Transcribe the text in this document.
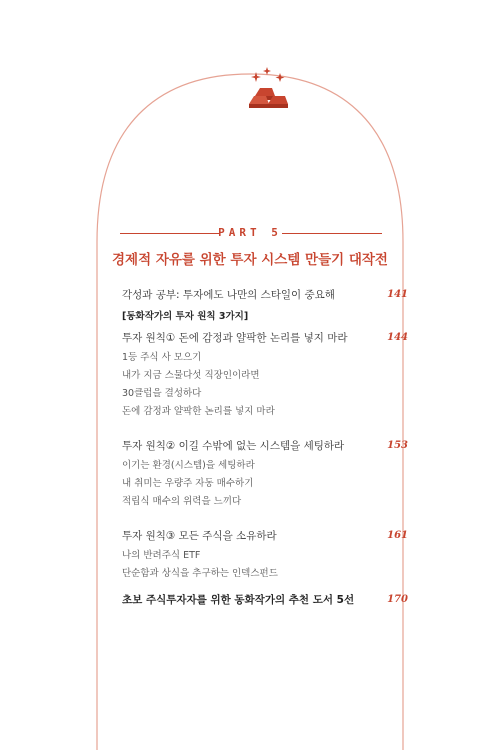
PART 5
경제적 자유를 위한 투자 시스템 만들기 대작전
각성과 공부: 투자에도 나만의 스타일이 중요해	141
[동화작가의 투자 원칙 3가지]
투자 원칙① 돈에 감정과 얄팍한 논리를 넣지 마라	144
1등 주식 사 모으기
내가 지금 스물다섯 직장인이라면
30클럽을 결성하다
돈에 감정과 얄팍한 논리를 넣지 마라
투자 원칙② 이길 수밖에 없는 시스템을 세팅하라	153
이기는 환경(시스템)을 세팅하라
내 취미는 우량주 자동 매수하기
적립식 매수의 위력을 느끼다
투자 원칙③ 모든 주식을 소유하라	161
나의 반려주식 ETF
단순함과 상식을 추구하는 인덱스펀드
초보 주식투자자를 위한 동화작가의 추천 도서 5선	170
